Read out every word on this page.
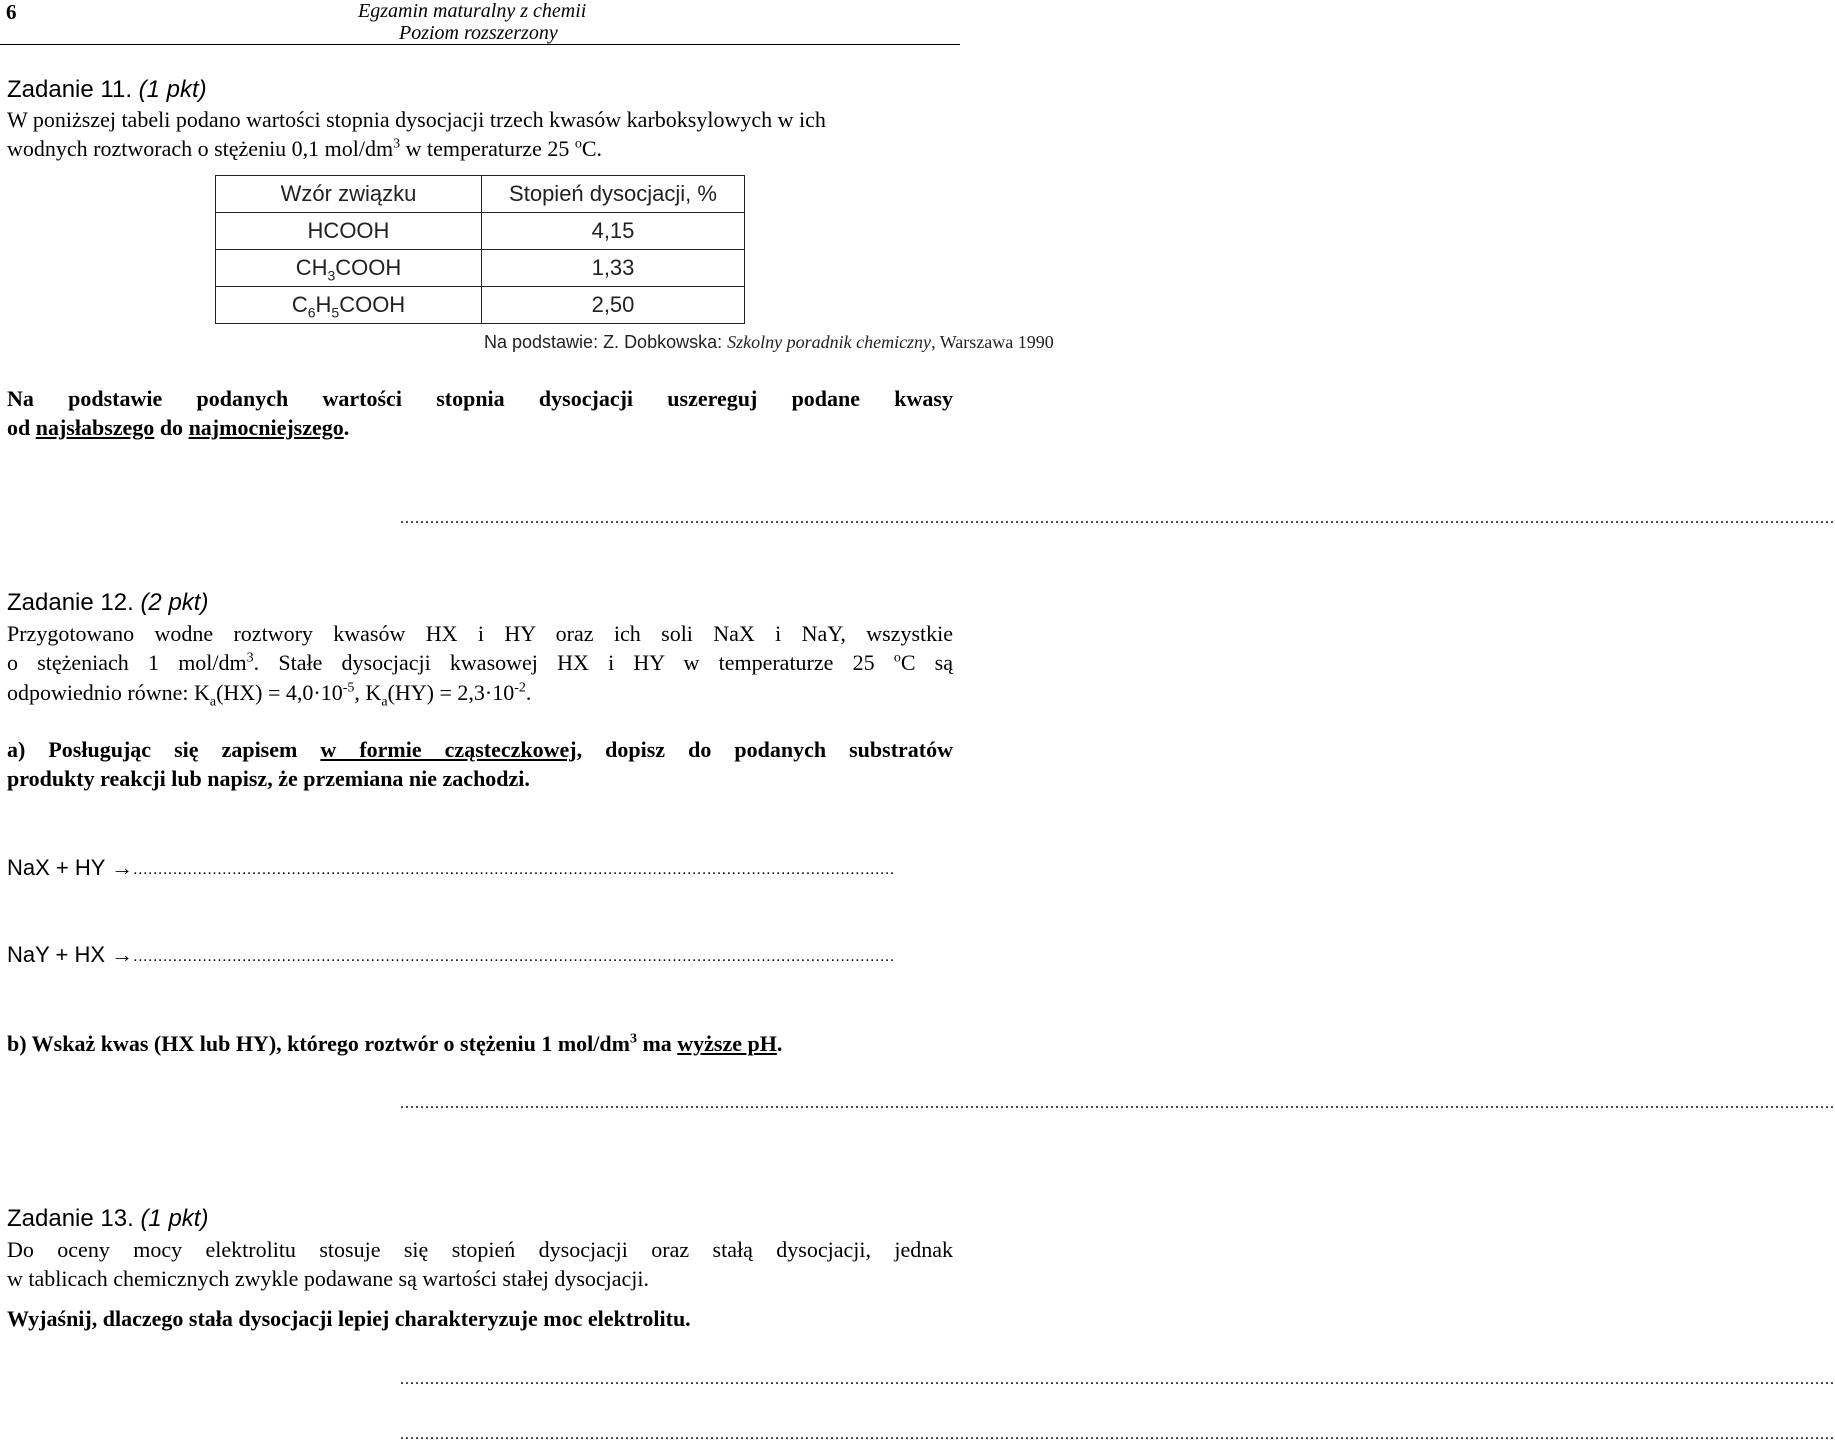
6	Egzamin maturalny z chemii
Poziom rozszerzony
Zadanie 11. (1 pkt)
W poniższej tabeli podano wartości stopnia dysocjacji trzech kwasów karboksylowych w ich
wodnych roztworach o stężeniu 0,1 mol/$dm^3$ w temperaturze 25 $^o$C.
Wzór związku	Stopień dysocjacji, %
HCOOH	4,15
$CH_3COOH$	1,33
$C_6H_5COOH$	2,50
Na podstawie: Z. Dobkowska: Szkolny poradnik chemiczny, Warszawa 1990
Na podstawie podanych wartości stopnia dysocjacji uszereguj podane kwasy
od najsłabszego do najmocniejszego.
...............................................................................................................................................................................................................................................................................................
Zadanie 12. (2 pkt)
Przygotowano wodne roztwory kwasów HX i HY oraz ich soli NaX i NaY, wszystkie
o stężeniach 1 mol/$dm^3$. Stałe dysocjacji kwasowej HX i HY w temperaturze 25 $^o$C są
odpowiednio równe: $K_a(HX) = 4,0\cdot 10^{-5}$, $K_a(HY) = 2,3\cdot 10^{-2}$.
a) Posługując się zapisem w formie cząsteczkowej, dopisz do podanych substratów
produkty reakcji lub napisz, że przemiana nie zachodzi.
NaX + HY →..........................................................................................................................................................
NaY + HX →..........................................................................................................................................................
b) Wskaż kwas (HX lub HY), którego roztwór o stężeniu 1 mol/$dm^3$ ma wyższe pH.
...............................................................................................................................................................................................................................................................................................
Zadanie 13. (1 pkt)
Do oceny mocy elektrolitu stosuje się stopień dysocjacji oraz stałą dysocjacji, jednak
w tablicach chemicznych zwykle podawane są wartości stałej dysocjacji.
Wyjaśnij, dlaczego stała dysocjacji lepiej charakteryzuje moc elektrolitu.
...............................................................................................................................................................................................................................................................................................
...............................................................................................................................................................................................................................................................................................
